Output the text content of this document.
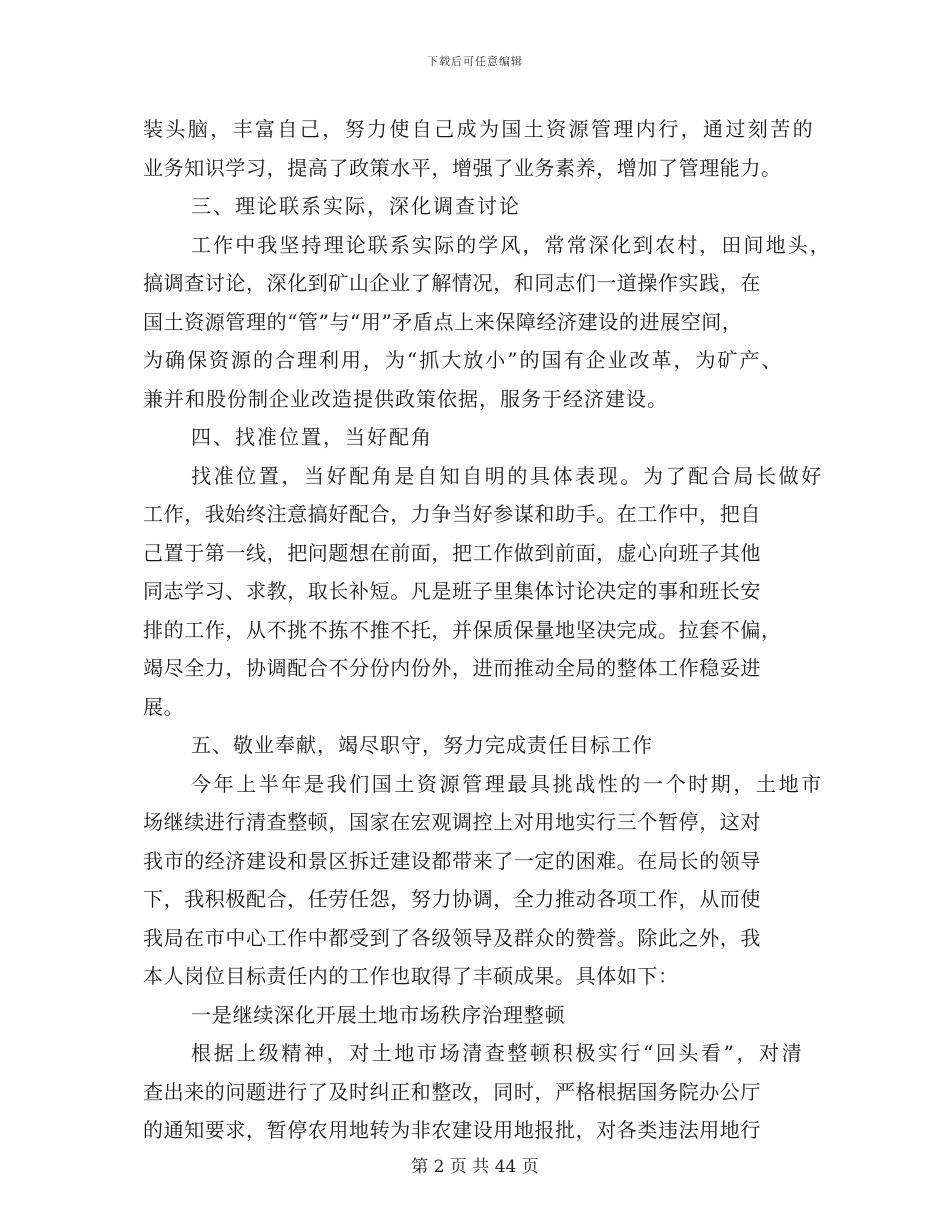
下载后可任意编辑
装头脑，丰富自己，努力使自己成为国土资源管理内行，通过刻苦的
业务知识学习，提高了政策水平，增强了业务素养，增加了管理能力。
三、理论联系实际，深化调查讨论
工作中我坚持理论联系实际的学风，常常深化到农村，田间地头，
搞调查讨论，深化到矿山企业了解情况，和同志们一道操作实践，在
国土资源管理的“管”与“用”矛盾点上来保障经济建设的进展空间，
为确保资源的合理利用，为“抓大放小”的国有企业改革，为矿产、
兼并和股份制企业改造提供政策依据，服务于经济建设。
四、找准位置，当好配角
找准位置，当好配角是自知自明的具体表现。为了配合局长做好
工作，我始终注意搞好配合，力争当好参谋和助手。在工作中，把自
己置于第一线，把问题想在前面，把工作做到前面，虚心向班子其他
同志学习、求教，取长补短。凡是班子里集体讨论决定的事和班长安
排的工作，从不挑不拣不推不托，并保质保量地坚决完成。拉套不偏，
竭尽全力，协调配合不分份内份外，进而推动全局的整体工作稳妥进
展。
五、敬业奉献，竭尽职守，努力完成责任目标工作
今年上半年是我们国土资源管理最具挑战性的一个时期，土地市
场继续进行清查整顿，国家在宏观调控上对用地实行三个暂停，这对
我市的经济建设和景区拆迁建设都带来了一定的困难。在局长的领导
下，我积极配合，任劳任怨，努力协调，全力推动各项工作，从而使
我局在市中心工作中都受到了各级领导及群众的赞誉。除此之外，我
本人岗位目标责任内的工作也取得了丰硕成果。具体如下：
一是继续深化开展土地市场秩序治理整顿
根据上级精神，对土地市场清查整顿积极实行“回头看”，对清
查出来的问题进行了及时纠正和整改，同时，严格根据国务院办公厅
的通知要求，暂停农用地转为非农建设用地报批，对各类违法用地行
第 2 页 共 44 页
